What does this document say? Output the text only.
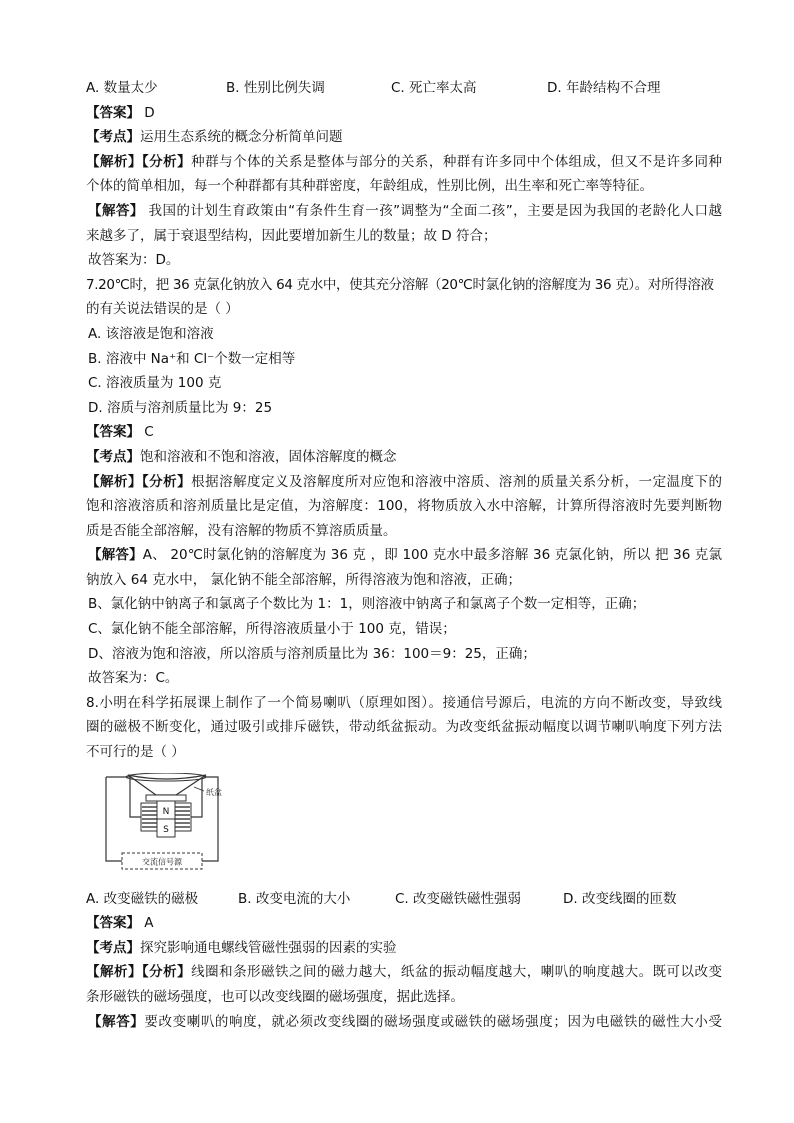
A. 数量太少	B. 性别比例失调	C. 死亡率太高	D. 年龄结构不合理
【答案】 D
【考点】运用生态系统的概念分析简单问题
【解析】【分析】种群与个体的关系是整体与部分的关系，种群有许多同中个体组成，但又不是许多同种
个体的简单相加，每一个种群都有其种群密度，年龄组成，性别比例，出生率和死亡率等特征。
【解答】 我国的计划生育政策由“有条件生育一孩”调整为“全面二孩”，主要是因为我国的老龄化人口越
来越多了，属于衰退型结构，因此要增加新生儿的数量；故 D 符合；
故答案为：D。
7.20℃时，把 36 克氯化钠放入 64 克水中，使其充分溶解（20℃时氯化钠的溶解度为 36 克）。对所得溶液
的有关说法错误的是（ ）
A. 该溶液是饱和溶液
B. 溶液中 Na⁺和 Cl⁻个数一定相等
C. 溶液质量为 100 克
D. 溶质与溶剂质量比为 9：25
【答案】 C
【考点】饱和溶液和不饱和溶液，固体溶解度的概念
【解析】【分析】根据溶解度定义及溶解度所对应饱和溶液中溶质、溶剂的质量关系分析，一定温度下的
饱和溶液溶质和溶剂质量比是定值，为溶解度：100，将物质放入水中溶解，计算所得溶液时先要判断物
质是否能全部溶解，没有溶解的物质不算溶质质量。
【解答】A、 20℃时氯化钠的溶解度为 36 克 ，即 100 克水中最多溶解 36 克氯化钠，所以 把 36 克氯
钠放入 64 克水中， 氯化钠不能全部溶解，所得溶液为饱和溶液，正确；
B、氯化钠中钠离子和氯离子个数比为 1：1，则溶液中钠离子和氯离子个数一定相等，正确；
C、氯化钠不能全部溶解，所得溶液质量小于 100 克，错误；
D、溶液为饱和溶液，所以溶质与溶剂质量比为 36：100＝9：25，正确；
故答案为：C。
8.小明在科学拓展课上制作了一个简易喇叭（原理如图）。接通信号源后，电流的方向不断改变，导致线
圈的磁极不断变化，通过吸引或排斥磁铁，带动纸盆振动。为改变纸盆振动幅度以调节喇叭响度下列方法
不可行的是（ ）
纸盆
N
S
交流信号源
A. 改变磁铁的磁极	B. 改变电流的大小	C. 改变磁铁磁性强弱	D. 改变线圈的匝数
【答案】 A
【考点】探究影响通电螺线管磁性强弱的因素的实验
【解析】【分析】线圈和条形磁铁之间的磁力越大，纸盆的振动幅度越大，喇叭的响度越大。既可以改变
条形磁铁的磁场强度，也可以改变线圈的磁场强度，据此选择。
【解答】要改变喇叭的响度，就必须改变线圈的磁场强度或磁铁的磁场强度；因为电磁铁的磁性大小受
